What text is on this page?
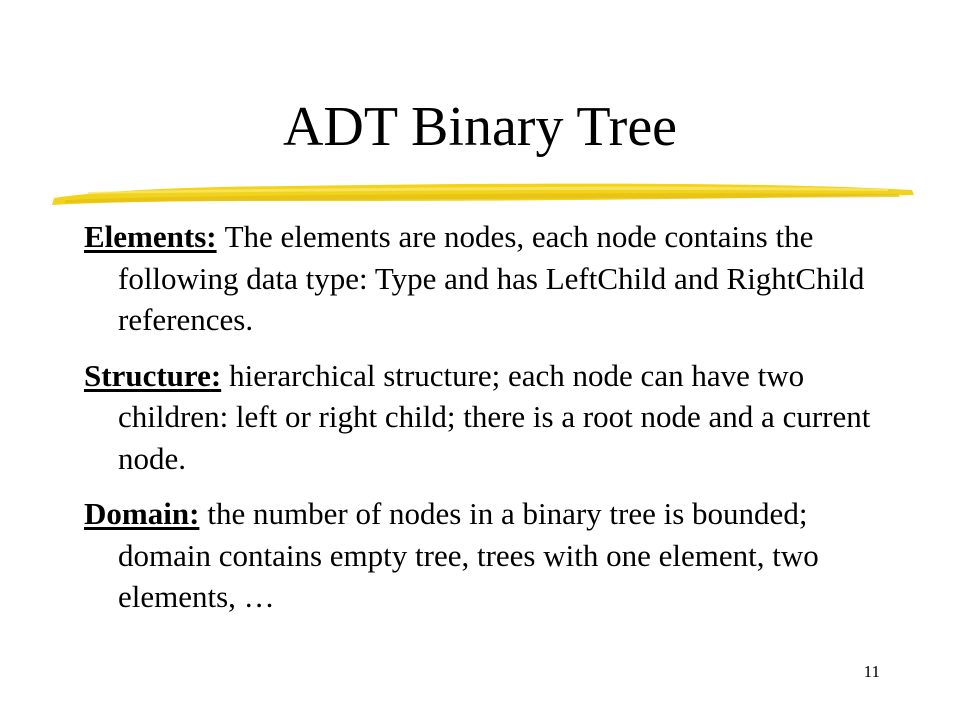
ADT Binary Tree

Elements: The elements are nodes, each node contains the following data type: Type and has LeftChild and RightChild references.

Structure: hierarchical structure; each node can have two children: left or right child; there is a root node and a current node.

Domain: the number of nodes in a binary tree is bounded; domain contains empty tree, trees with one element, two elements, …

11
